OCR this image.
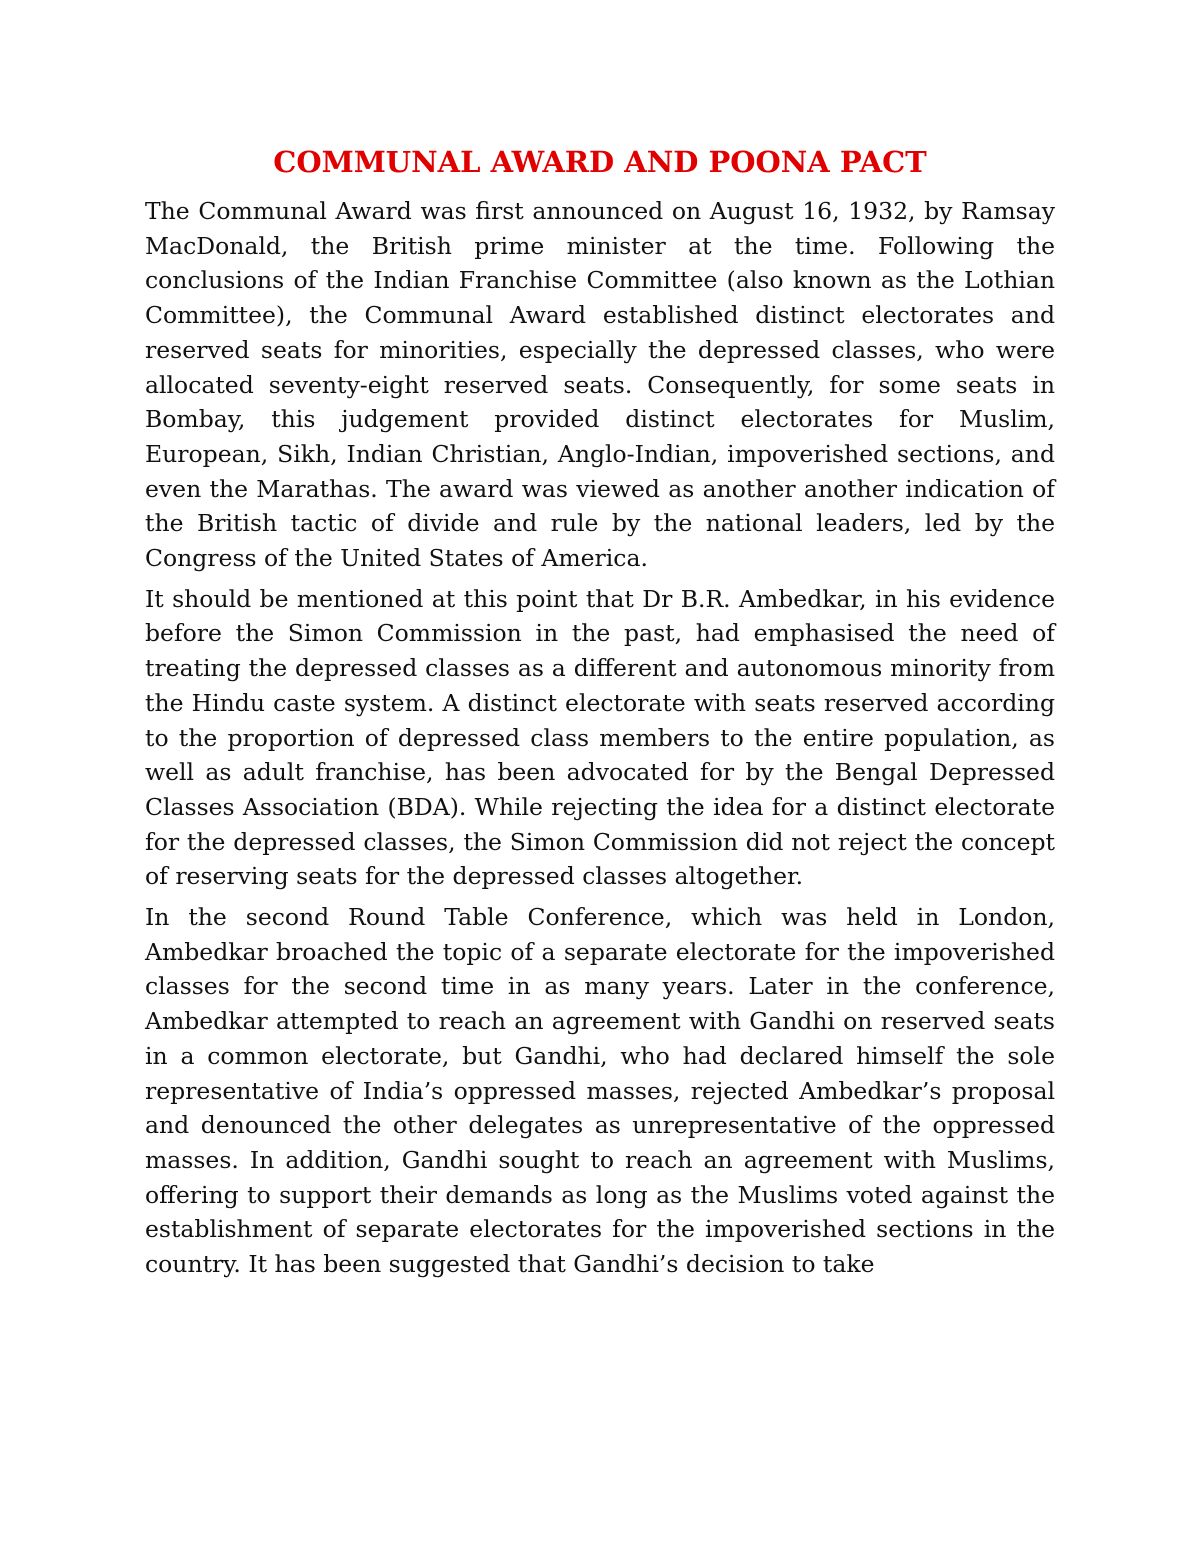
COMMUNAL AWARD AND POONA PACT

The Communal Award was first announced on August 16, 1932, by Ramsay MacDonald, the British prime minister at the time. Following the conclusions of the Indian Franchise Committee (also known as the Lothian Committee), the Communal Award established distinct electorates and reserved seats for minorities, especially the depressed classes, who were allocated seventy-eight reserved seats. Consequently, for some seats in Bombay, this judgement provided distinct electorates for Muslim, European, Sikh, Indian Christian, Anglo-Indian, impoverished sections, and even the Marathas. The award was viewed as another another indication of the British tactic of divide and rule by the national leaders, led by the Congress of the United States of America.

It should be mentioned at this point that Dr B.R. Ambedkar, in his evidence before the Simon Commission in the past, had emphasised the need of treating the depressed classes as a different and autonomous minority from the Hindu caste system. A distinct electorate with seats reserved according to the proportion of depressed class members to the entire population, as well as adult franchise, has been advocated for by the Bengal Depressed Classes Association (BDA). While rejecting the idea for a distinct electorate for the depressed classes, the Simon Commission did not reject the concept of reserving seats for the depressed classes altogether.

In the second Round Table Conference, which was held in London, Ambedkar broached the topic of a separate electorate for the impoverished classes for the second time in as many years. Later in the conference, Ambedkar attempted to reach an agreement with Gandhi on reserved seats in a common electorate, but Gandhi, who had declared himself the sole representative of India’s oppressed masses, rejected Ambedkar’s proposal and denounced the other delegates as unrepresentative of the oppressed masses. In addition, Gandhi sought to reach an agreement with Muslims, offering to support their demands as long as the Muslims voted against the establishment of separate electorates for the impoverished sections in the country. It has been suggested that Gandhi’s decision to take
